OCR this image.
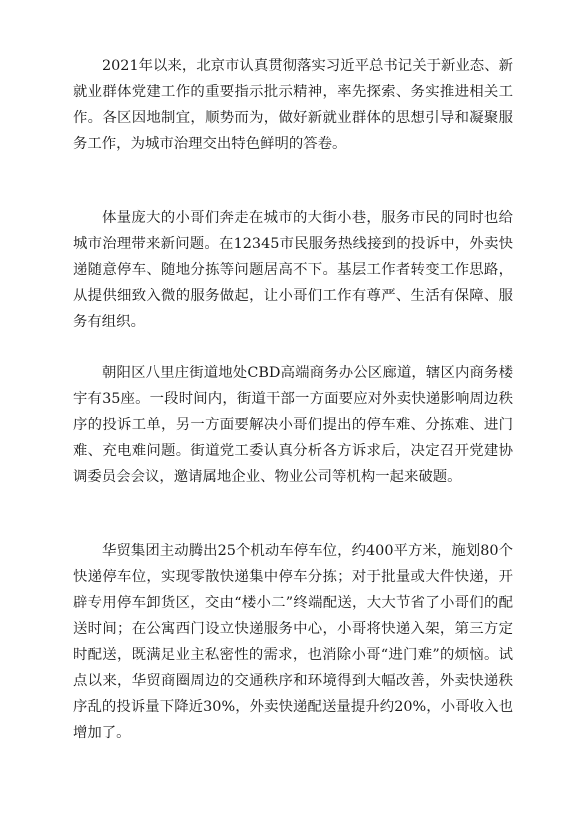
2021年以来，北京市认真贯彻落实习近平总书记关于新业态、新就业群体党建工作的重要指示批示精神，率先探索、务实推进相关工作。各区因地制宜，顺势而为，做好新就业群体的思想引导和凝聚服务工作，为城市治理交出特色鲜明的答卷。

体量庞大的小哥们奔走在城市的大街小巷，服务市民的同时也给城市治理带来新问题。在12345市民服务热线接到的投诉中，外卖快递随意停车、随地分拣等问题居高不下。基层工作者转变工作思路，从提供细致入微的服务做起，让小哥们工作有尊严、生活有保障、服务有组织。

朝阳区八里庄街道地处CBD高端商务办公区廊道，辖区内商务楼宇有35座。一段时间内，街道干部一方面要应对外卖快递影响周边秩序的投诉工单，另一方面要解决小哥们提出的停车难、分拣难、进门难、充电难问题。街道党工委认真分析各方诉求后，决定召开党建协调委员会会议，邀请属地企业、物业公司等机构一起来破题。

华贸集团主动腾出25个机动车停车位，约400平方米，施划80个快递停车位，实现零散快递集中停车分拣；对于批量或大件快递，开辟专用停车卸货区，交由“楼小二”终端配送，大大节省了小哥们的配送时间；在公寓西门设立快递服务中心，小哥将快递入架，第三方定时配送，既满足业主私密性的需求，也消除小哥“进门难”的烦恼。试点以来，华贸商圈周边的交通秩序和环境得到大幅改善，外卖快递秩序乱的投诉量下降近30%，外卖快递配送量提升约20%，小哥收入也增加了。
